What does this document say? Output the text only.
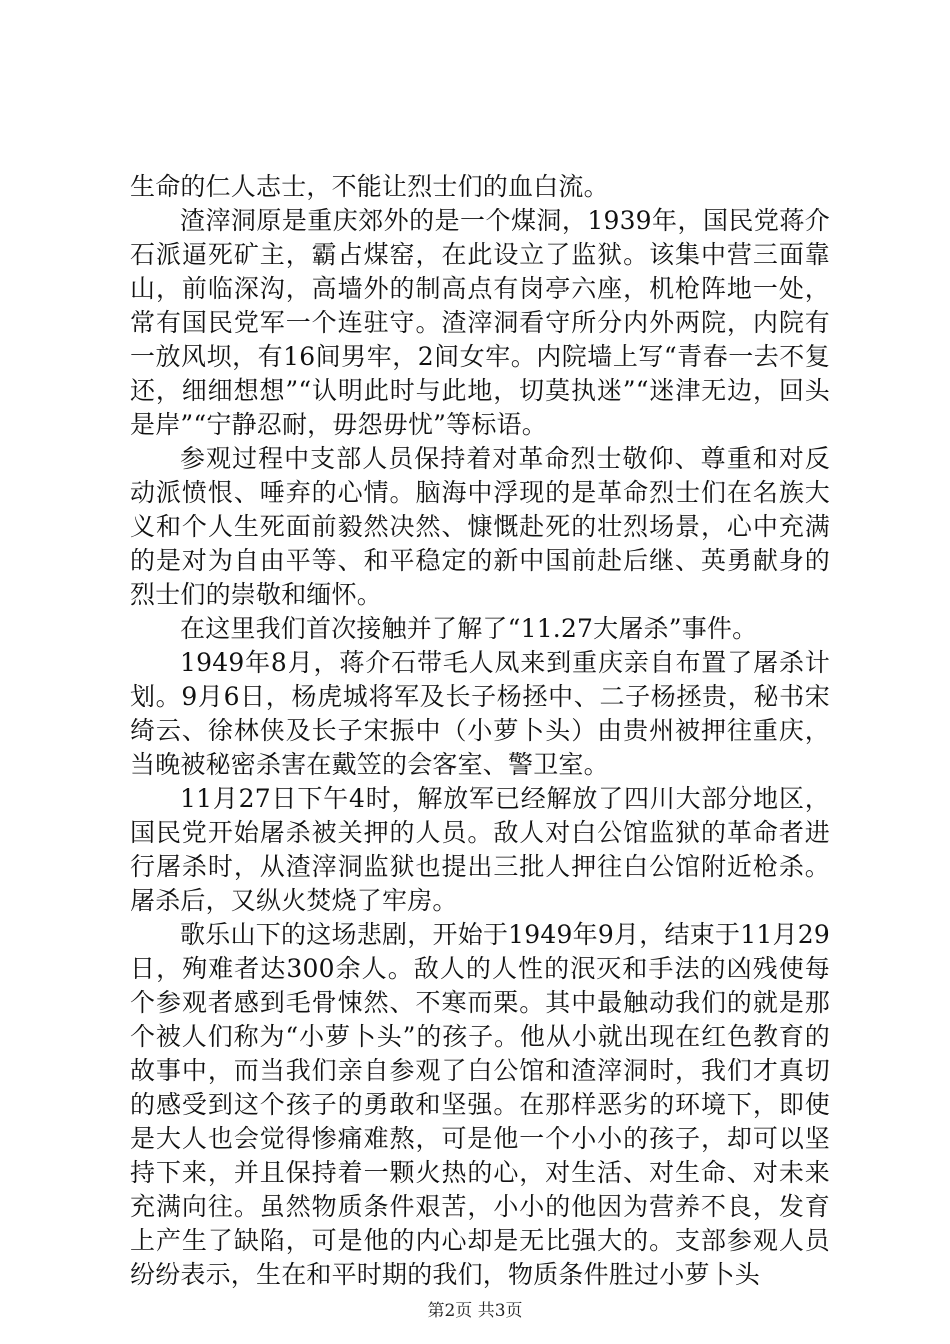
生命的仁人志士，不能让烈士们的血白流。

渣滓洞原是重庆郊外的是一个煤洞，1939年，国民党蒋介石派逼死矿主，霸占煤窑，在此设立了监狱。该集中营三面靠山，前临深沟，高墙外的制高点有岗亭六座，机枪阵地一处，常有国民党军一个连驻守。渣滓洞看守所分内外两院，内院有一放风坝，有16间男牢，2间女牢。内院墙上写“青春一去不复还，细细想想”“认明此时与此地，切莫执迷”“迷津无边，回头是岸”“宁静忍耐，毋怨毋忧”等标语。

参观过程中支部人员保持着对革命烈士敬仰、尊重和对反动派愤恨、唾弃的心情。脑海中浮现的是革命烈士们在名族大义和个人生死面前毅然决然、慷慨赴死的壮烈场景，心中充满的是对为自由平等、和平稳定的新中国前赴后继、英勇献身的烈士们的崇敬和缅怀。

在这里我们首次接触并了解了“11.27大屠杀”事件。

1949年8月，蒋介石带毛人凤来到重庆亲自布置了屠杀计划。9月6日，杨虎城将军及长子杨拯中、二子杨拯贵，秘书宋绮云、徐林侠及长子宋振中（小萝卜头）由贵州被押往重庆，当晚被秘密杀害在戴笠的会客室、警卫室。

11月27日下午4时，解放军已经解放了四川大部分地区，国民党开始屠杀被关押的人员。敌人对白公馆监狱的革命者进行屠杀时，从渣滓洞监狱也提出三批人押往白公馆附近枪杀。屠杀后，又纵火焚烧了牢房。

歌乐山下的这场悲剧，开始于1949年9月，结束于11月29日，殉难者达300余人。敌人的人性的泯灭和手法的凶残使每个参观者感到毛骨悚然、不寒而栗。其中最触动我们的就是那个被人们称为“小萝卜头”的孩子。他从小就出现在红色教育的故事中，而当我们亲自参观了白公馆和渣滓洞时，我们才真切的感受到这个孩子的勇敢和坚强。在那样恶劣的环境下，即使是大人也会觉得惨痛难熬，可是他一个小小的孩子，却可以坚持下来，并且保持着一颗火热的心，对生活、对生命、对未来充满向往。虽然物质条件艰苦，小小的他因为营养不良，发育上产生了缺陷，可是他的内心却是无比强大的。支部参观人员纷纷表示，生在和平时期的我们，物质条件胜过小萝卜头

第2页 共3页
